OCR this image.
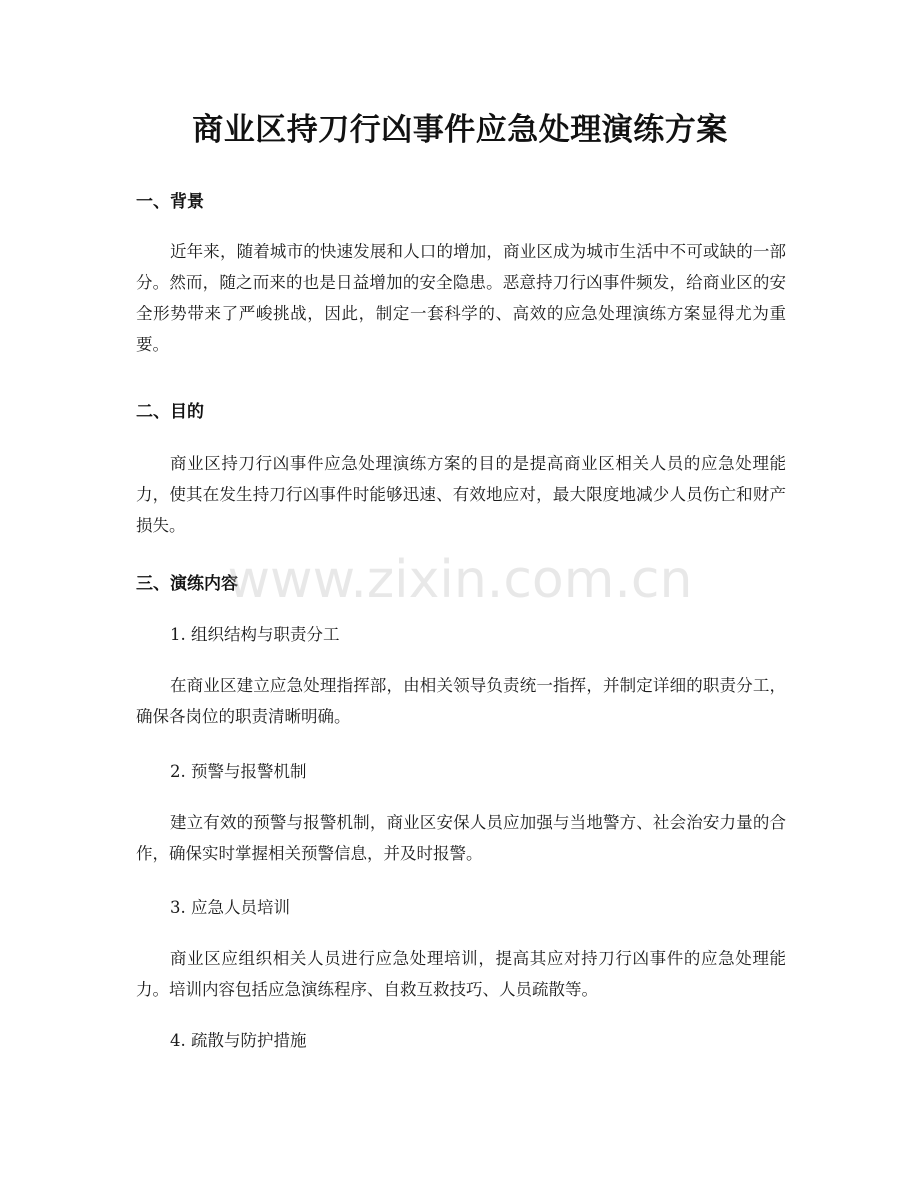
商业区持刀行凶事件应急处理演练方案
一、背景
近年来，随着城市的快速发展和人口的增加，商业区成为城市生活中不可或缺的一部分。然而，随之而来的也是日益增加的安全隐患。恶意持刀行凶事件频发，给商业区的安全形势带来了严峻挑战，因此，制定一套科学的、高效的应急处理演练方案显得尤为重要。
二、目的
商业区持刀行凶事件应急处理演练方案的目的是提高商业区相关人员的应急处理能力，使其在发生持刀行凶事件时能够迅速、有效地应对，最大限度地减少人员伤亡和财产损失。
三、演练内容
1. 组织结构与职责分工
在商业区建立应急处理指挥部，由相关领导负责统一指挥，并制定详细的职责分工，确保各岗位的职责清晰明确。
2. 预警与报警机制
建立有效的预警与报警机制，商业区安保人员应加强与当地警方、社会治安力量的合作，确保实时掌握相关预警信息，并及时报警。
3. 应急人员培训
商业区应组织相关人员进行应急处理培训，提高其应对持刀行凶事件的应急处理能力。培训内容包括应急演练程序、自救互救技巧、人员疏散等。
4. 疏散与防护措施
www.zixin.com.cn
